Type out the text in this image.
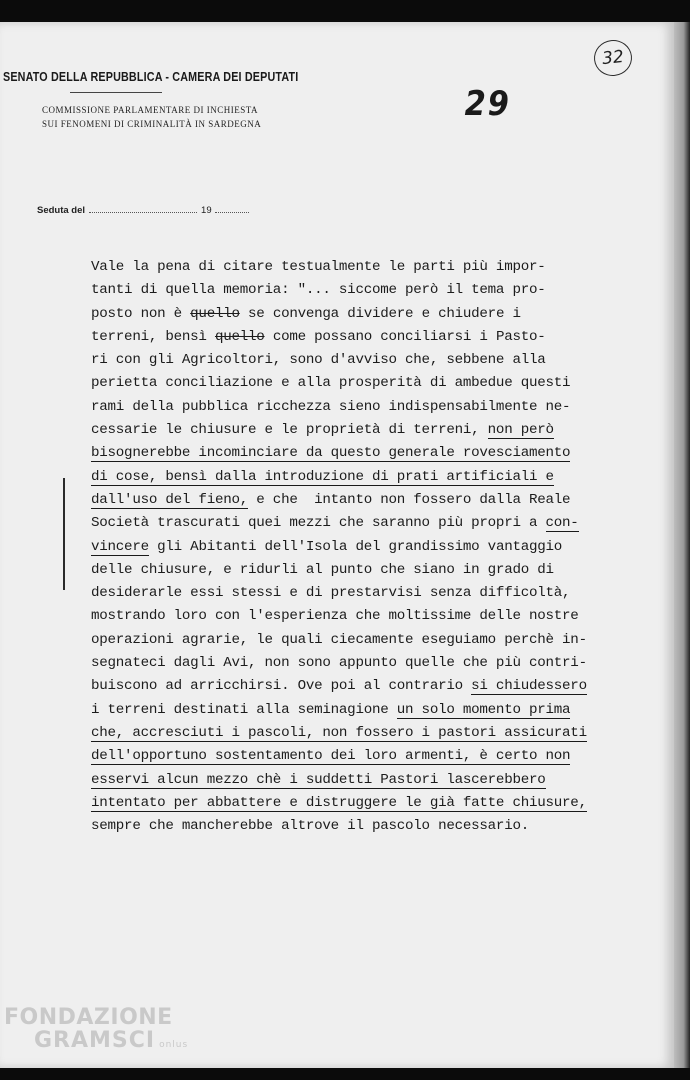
SENATO DELLA REPUBBLICA - CAMERA DEI DEPUTATI
COMMISSIONE PARLAMENTARE DI INCHIESTA
SUI FENOMENI DI CRIMINALITÀ IN SARDEGNA	29
32
Seduta del	19
Vale la pena di citare testualmente le parti più impor-
tanti di quella memoria: "... siccome però il tema pro-
posto non è quello se convenga dividere e chiudere i
terreni, bensì quello come possano conciliarsi i Pasto-
ri con gli Agricoltori, sono d'avviso che, sebbene alla
perietta conciliazione e alla prosperità di ambedue questi
rami della pubblica ricchezza sieno indispensabilmente ne-
cessarie le chiusure e le proprietà di terreni, non però
bisognerebbe incominciare da questo generale rovesciamento
di cose, bensì dalla introduzione di prati artificiali e
dall'uso del fieno, e che  intanto non fossero dalla Reale
Società trascurati quei mezzi che saranno più propri a con-
vincere gli Abitanti dell'Isola del grandissimo vantaggio
delle chiusure, e ridurli al punto che siano in grado di
desiderarle essi stessi e di prestarvisi senza difficoltà,
mostrando loro con l'esperienza che moltissime delle nostre
operazioni agrarie, le quali ciecamente eseguiamo perchè in-
segnateci dagli Avi, non sono appunto quelle che più contri-
buiscono ad arricchirsi. Ove poi al contrario si chiudessero
i terreni destinati alla seminagione un solo momento prima
che, accresciuti i pascoli, non fossero i pastori assicurati
dell'opportuno sostentamento dei loro armenti, è certo non
esservi alcun mezzo chè i suddetti Pastori lascerebbero
intentato per abbattere e distruggere le già fatte chiusure,
sempre che mancherebbe altrove il pascolo necessario.
FONDAZIONE
GRAMSCI onlus
